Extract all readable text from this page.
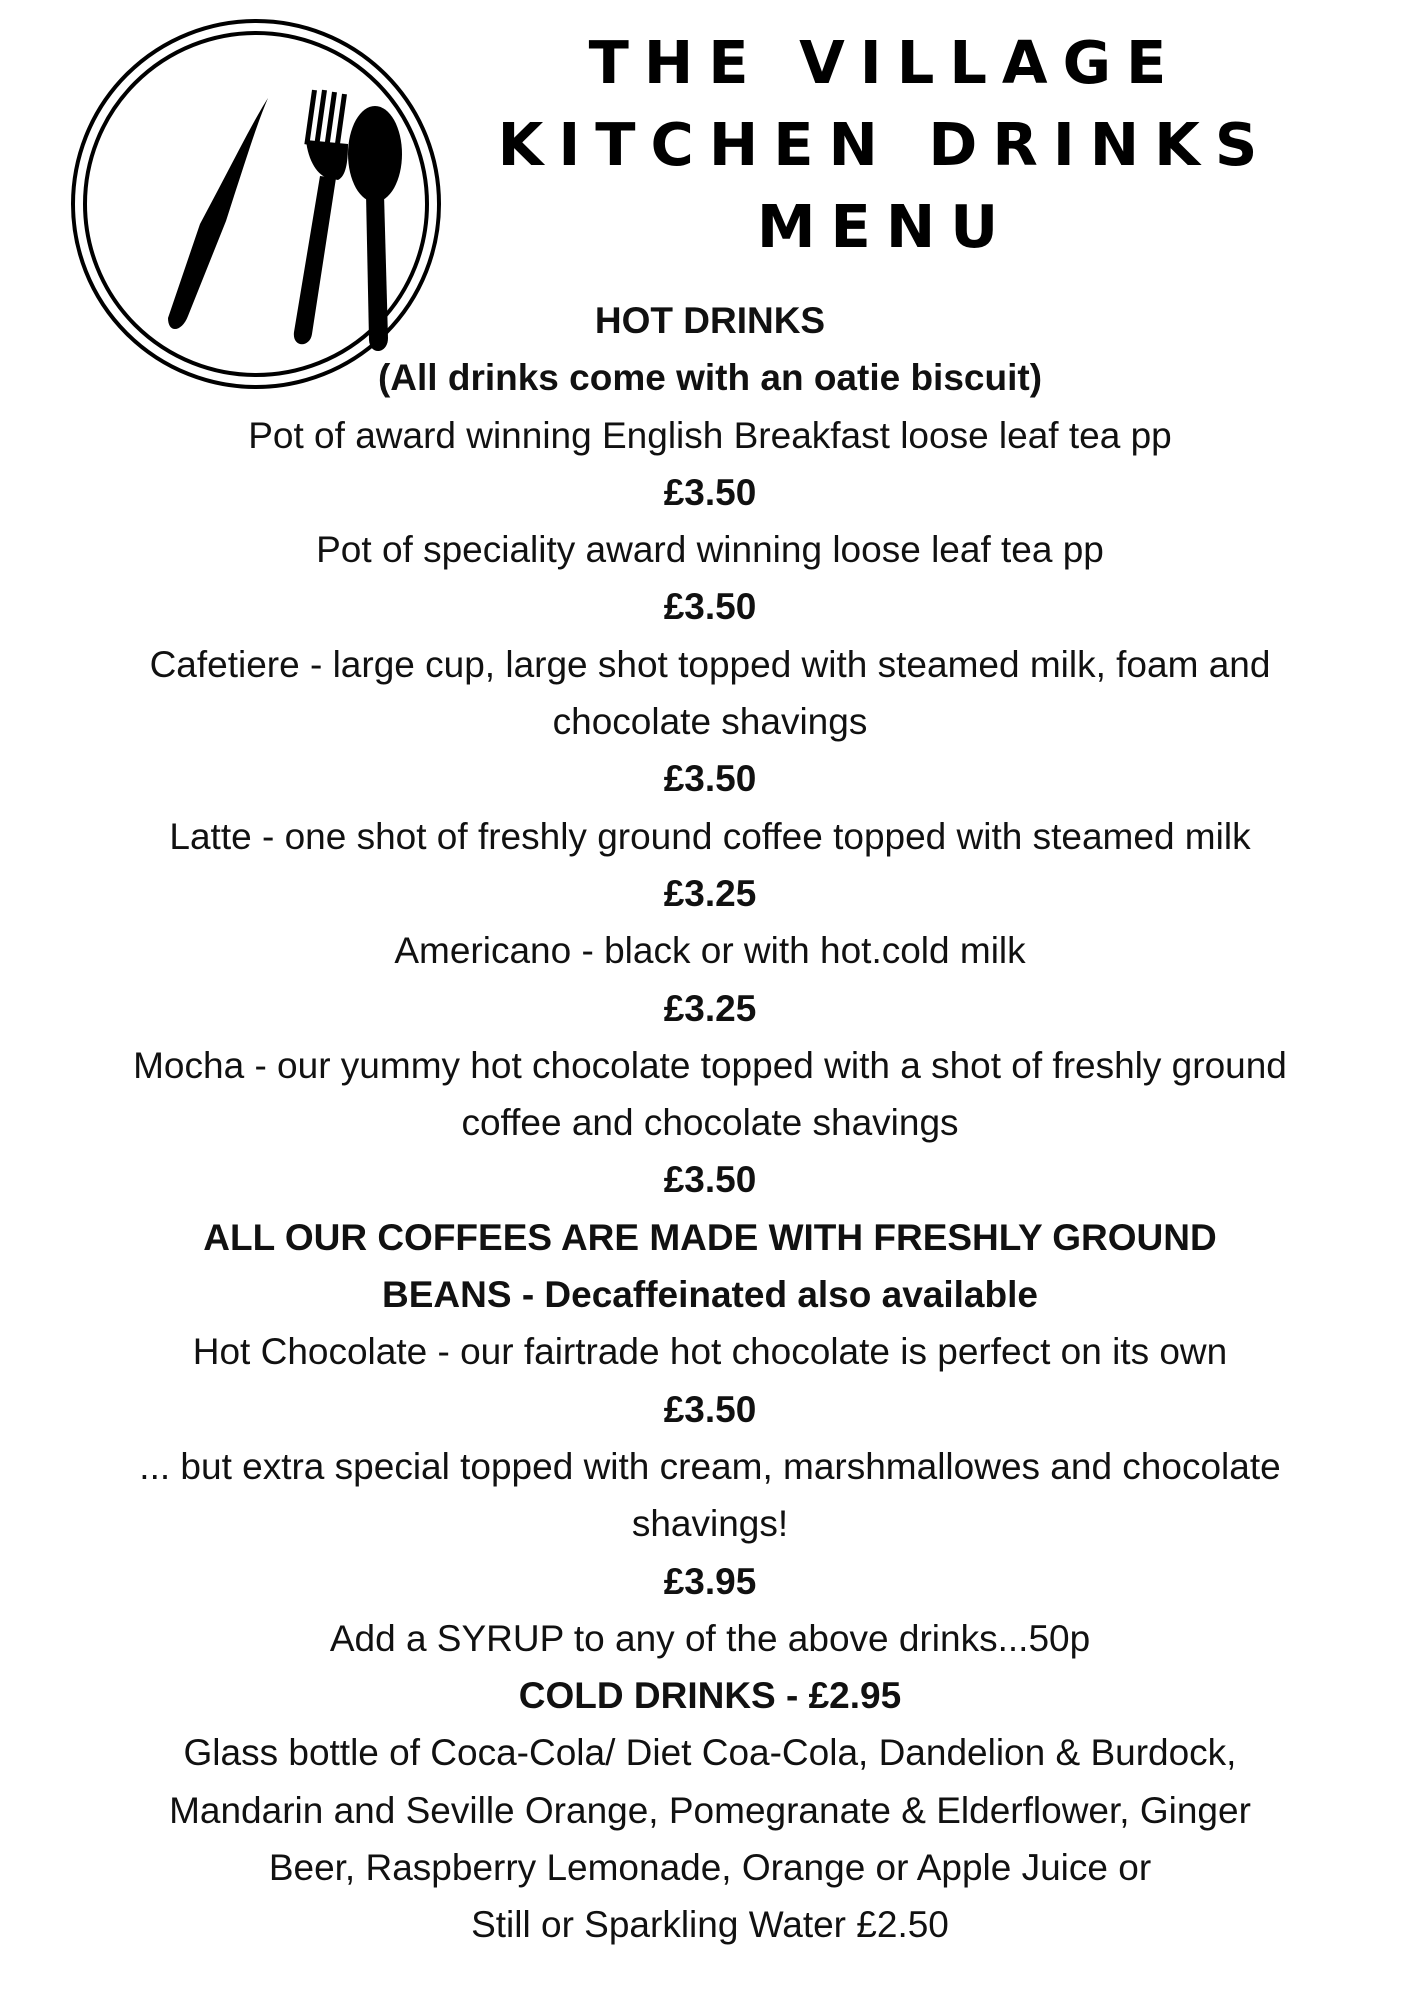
THE VILLAGE
KITCHEN DRINKS
MENU

HOT DRINKS

(All drinks come with an oatie biscuit)

Pot of award winning English Breakfast loose leaf tea pp

£3.50

Pot of speciality award winning loose leaf tea pp

£3.50

Cafetiere - large cup, large shot topped with steamed milk, foam and

chocolate shavings

£3.50

Latte - one shot of freshly ground coffee topped with steamed milk

£3.25

Americano - black or with hot.cold milk

£3.25

Mocha - our yummy hot chocolate topped with a shot of freshly ground

coffee and chocolate shavings

£3.50

ALL OUR COFFEES ARE MADE WITH FRESHLY GROUND

BEANS - Decaffeinated also available

Hot Chocolate - our fairtrade hot chocolate is perfect on its own

£3.50

... but extra special topped with cream, marshmallowes and chocolate

shavings!

£3.95

Add a SYRUP to any of the above drinks...50p

COLD DRINKS - £2.95

Glass bottle of Coca-Cola/ Diet Coa-Cola, Dandelion & Burdock,

Mandarin and Seville Orange, Pomegranate & Elderflower, Ginger

Beer, Raspberry Lemonade, Orange or Apple Juice or

Still or Sparkling Water £2.50
